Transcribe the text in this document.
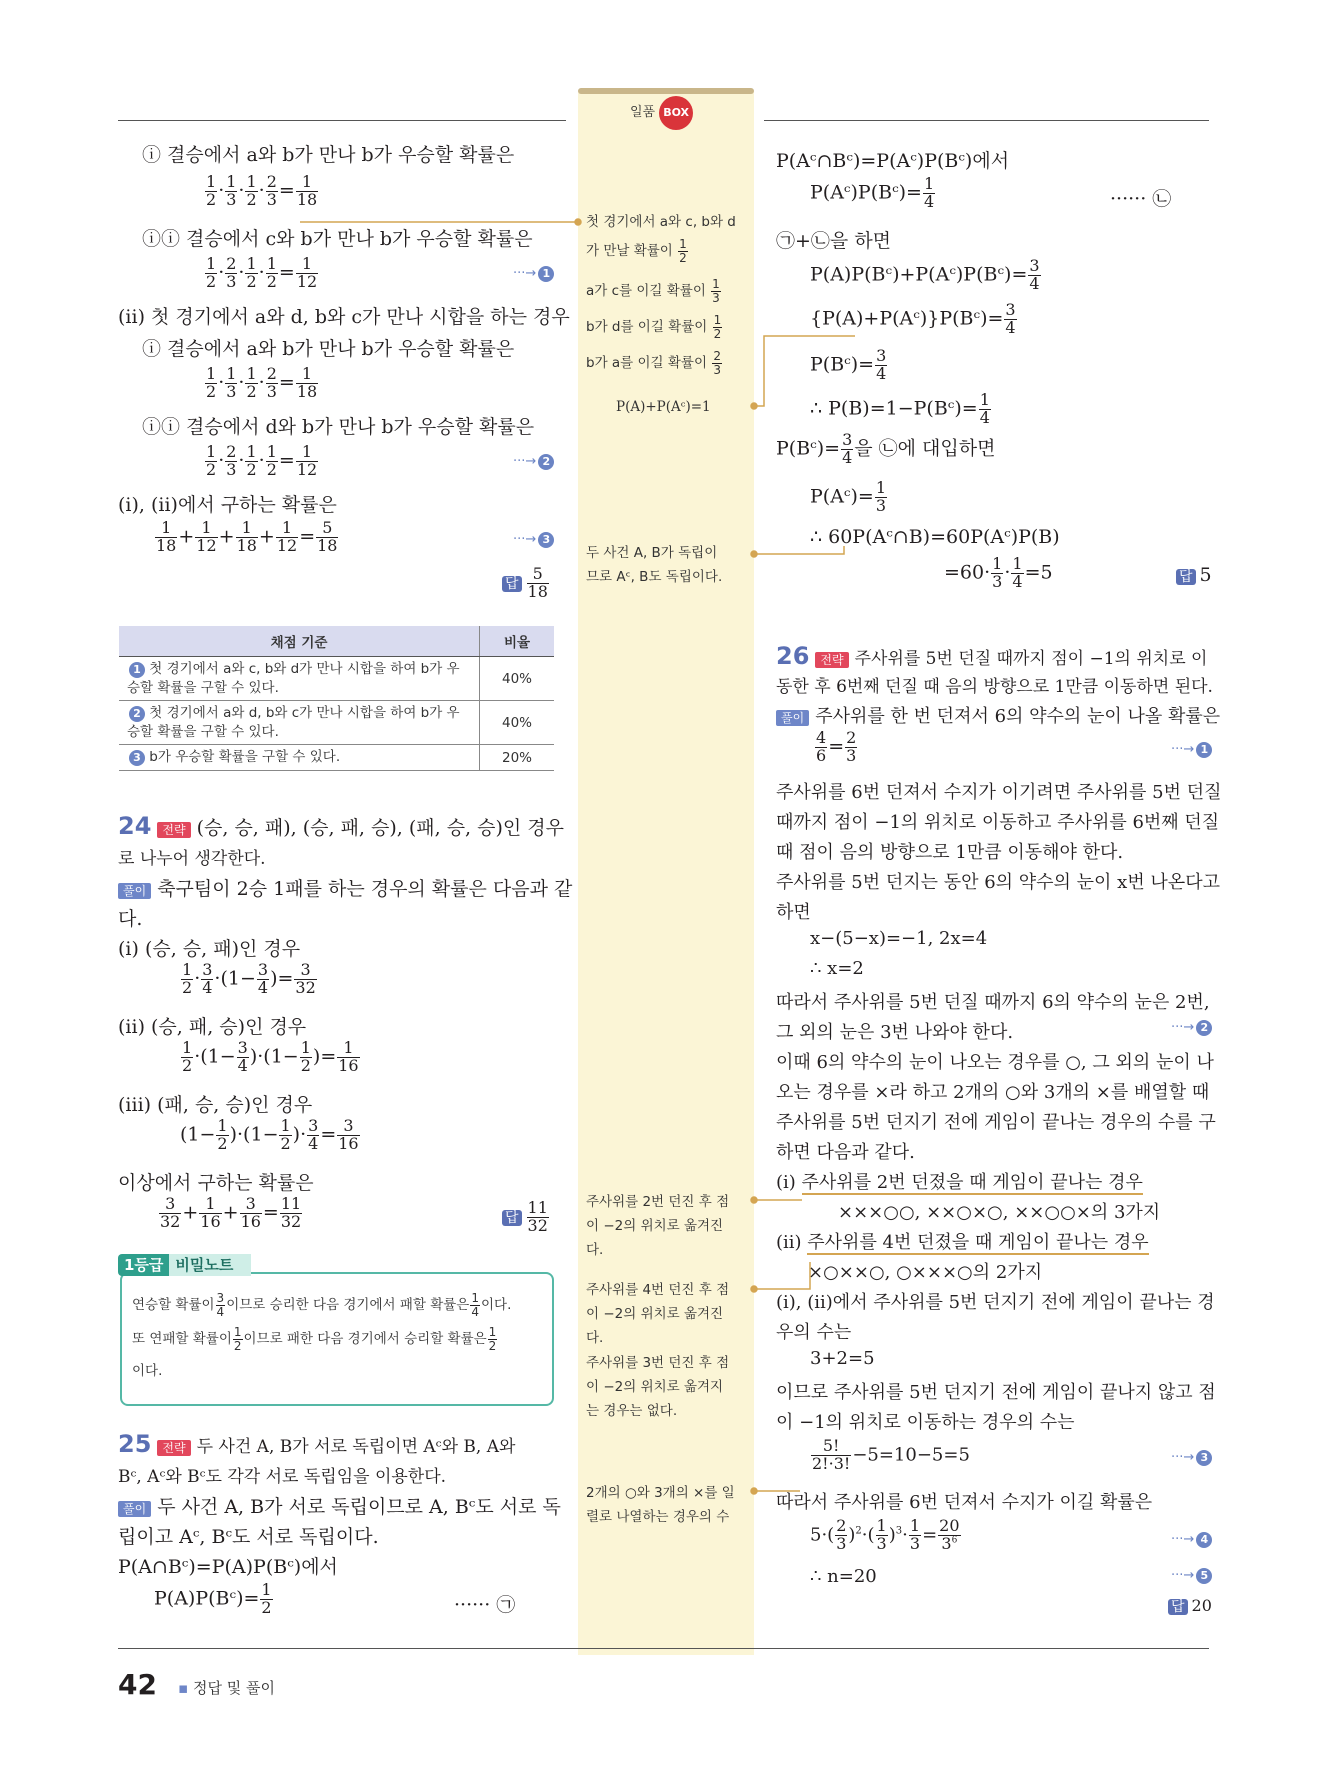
일품 BOX
ⓘ 결승에서 a와 b가 만나 b가 우승할 확률은
$\frac{1}{2} \cdot \frac{1}{3} \cdot \frac{1}{2} \cdot \frac{2}{3} = \frac{1}{18}$
ⓘⓘ 결승에서 c와 b가 만나 b가 우승할 확률은
$\frac{1}{2} \cdot \frac{2}{3} \cdot \frac{1}{2} \cdot \frac{1}{2} = \frac{1}{12}$	···→ 1
(ii) 첫 경기에서 a와 d, b와 c가 만나 시합을 하는 경우
ⓘ 결승에서 a와 b가 만나 b가 우승할 확률은
$\frac{1}{2} \cdot \frac{1}{3} \cdot \frac{1}{2} \cdot \frac{2}{3} = \frac{1}{18}$
ⓘⓘ 결승에서 d와 b가 만나 b가 우승할 확률은
$\frac{1}{2} \cdot \frac{2}{3} \cdot \frac{1}{2} \cdot \frac{1}{2} = \frac{1}{12}$	···→ 2
(i), (ii)에서 구하는 확률은
$\frac{1}{18} + \frac{1}{12} + \frac{1}{18} + \frac{1}{12} = \frac{5}{18}$	···→ 3
답 $\frac{5}{18}$
채점 기준	비율
1 첫 경기에서 a와 c, b와 d가 만나 시합을 하여 b가 우승할 확률을 구할 수 있다.	40%
2 첫 경기에서 a와 d, b와 c가 만나 시합을 하여 b가 우승할 확률을 구할 수 있다.	40%
3 b가 우승할 확률을 구할 수 있다.	20%
24 전략 (승, 승, 패), (승, 패, 승), (패, 승, 승)인 경우
로 나누어 생각한다.
풀이 축구팀이 2승 1패를 하는 경우의 확률은 다음과 같
다.
(i) (승, 승, 패)인 경우
$\frac{1}{2} \cdot \frac{3}{4} \cdot(1- \frac{3}{4}$ )= $\frac{3}{32}$
(ii) (승, 패, 승)인 경우
$\frac{1}{2} \cdot(1- \frac{3}{4} )\cdot(1- \frac{1}{2}$ )= $\frac{1}{16}$
(iii) (패, 승, 승)인 경우
$(1- \frac{1}{2} )\cdot(1- \frac{1}{2}$ )· $\frac{3}{4} = \frac{3}{16}$
이상에서 구하는 확률은
$\frac{3}{32} + \frac{1}{16} + \frac{3}{16} = \frac{11}{32}$	답 $\frac{11}{32}$
1등급 비밀노트
연승할 확률이 $\frac{3}{4}$ 이므로 승리한 다음 경기에서 패할 확률은 $\frac{1}{4}$ 이다.
또 연패할 확률이 $\frac{1}{2}$ 이므로 패한 다음 경기에서 승리할 확률은 $\frac{1}{2}$
이다.
25 전략 두 사건 A, B가 서로 독립이면 Aᶜ와 B, A와
Bᶜ, Aᶜ와 Bᶜ도 각각 서로 독립임을 이용한다.
풀이 두 사건 A, B가 서로 독립이므로 A, Bᶜ도 서로 독
립이고 Aᶜ, Bᶜ도 서로 독립이다.
P(A∩Bᶜ)=P(A)P(Bᶜ)에서
P(A)P(Bᶜ)= $\frac{1}{2}$	······ ㉠
첫 경기에서 a와 c, b와 d
가 만날 확률이 $\frac{1}{2}$
a가 c를 이길 확률이 $\frac{1}{3}$
b가 d를 이길 확률이 $\frac{1}{2}$
b가 a를 이길 확률이 $\frac{2}{3}$
P(A)+P(Aᶜ)=1
두 사건 A, B가 독립이
므로 Aᶜ, B도 독립이다.
주사위를 2번 던진 후 점
이 −2의 위치로 옮겨진
다.
주사위를 4번 던진 후 점
이 −2의 위치로 옮겨진
다.
주사위를 3번 던진 후 점
이 −2의 위치로 옮겨지
는 경우는 없다.
2개의 ○와 3개의 ×를 일
렬로 나열하는 경우의 수
P(Aᶜ∩Bᶜ)=P(Aᶜ)P(Bᶜ)에서
P(Aᶜ)P(Bᶜ)= $\frac{1}{4}$	······ ㉡
㉠+㉡을 하면
P(A)P(Bᶜ)+P(Aᶜ)P(Bᶜ)= $\frac{3}{4}$
{P(A)+P(Aᶜ)}P(Bᶜ)= $\frac{3}{4}$
P(Bᶜ)= $\frac{3}{4}$
∴ P(B)=1−P(Bᶜ)= $\frac{1}{4}$
P(Bᶜ)= $\frac{3}{4}$ 을 ㉡에 대입하면
P(Aᶜ)= $\frac{1}{3}$
∴ 60P(Aᶜ∩B)=60P(Aᶜ)P(B)
$=60\cdot \frac{1}{3} \cdot \frac{1}{4} =5$	답 5
26 전략 주사위를 5번 던질 때까지 점이 −1의 위치로 이
동한 후 6번째 던질 때 음의 방향으로 1만큼 이동하면 된다.
풀이 주사위를 한 번 던져서 6의 약수의 눈이 나올 확률은
$\frac{4}{6} = \frac{2}{3}$	···→ 1
주사위를 6번 던져서 수지가 이기려면 주사위를 5번 던질
때까지 점이 −1의 위치로 이동하고 주사위를 6번째 던질
때 점이 음의 방향으로 1만큼 이동해야 한다.
주사위를 5번 던지는 동안 6의 약수의 눈이 x번 나온다고
하면
x−(5−x)=−1, 2x=4
∴ x=2
따라서 주사위를 5번 던질 때까지 6의 약수의 눈은 2번,
그 외의 눈은 3번 나와야 한다.	···→ 2
이때 6의 약수의 눈이 나오는 경우를 ○, 그 외의 눈이 나
오는 경우를 ×라 하고 2개의 ○와 3개의 ×를 배열할 때
주사위를 5번 던지기 전에 게임이 끝나는 경우의 수를 구
하면 다음과 같다.
(i) 주사위를 2번 던졌을 때 게임이 끝나는 경우
×××○○, ××○×○, ××○○×의 3가지
(ii) 주사위를 4번 던졌을 때 게임이 끝나는 경우
×○××○, ○×××○의 2가지
(i), (ii)에서 주사위를 5번 던지기 전에 게임이 끝나는 경
우의 수는
3+2=5
이므로 주사위를 5번 던지기 전에 게임이 끝나지 않고 점
이 −1의 위치로 이동하는 경우의 수는
$\frac{5!}{2!\cdot 3!} -5=10-5=5$	···→ 3
따라서 주사위를 6번 던져서 수지가 이길 확률은
$5\cdot( \frac{2}{3} )^2\cdot( \frac{1}{3} )^3\cdot \frac{1}{3} = \frac{20}{3^6}$	···→ 4
∴ n=20	···→ 5
답 20
42 ▪ 정답 및 풀이
